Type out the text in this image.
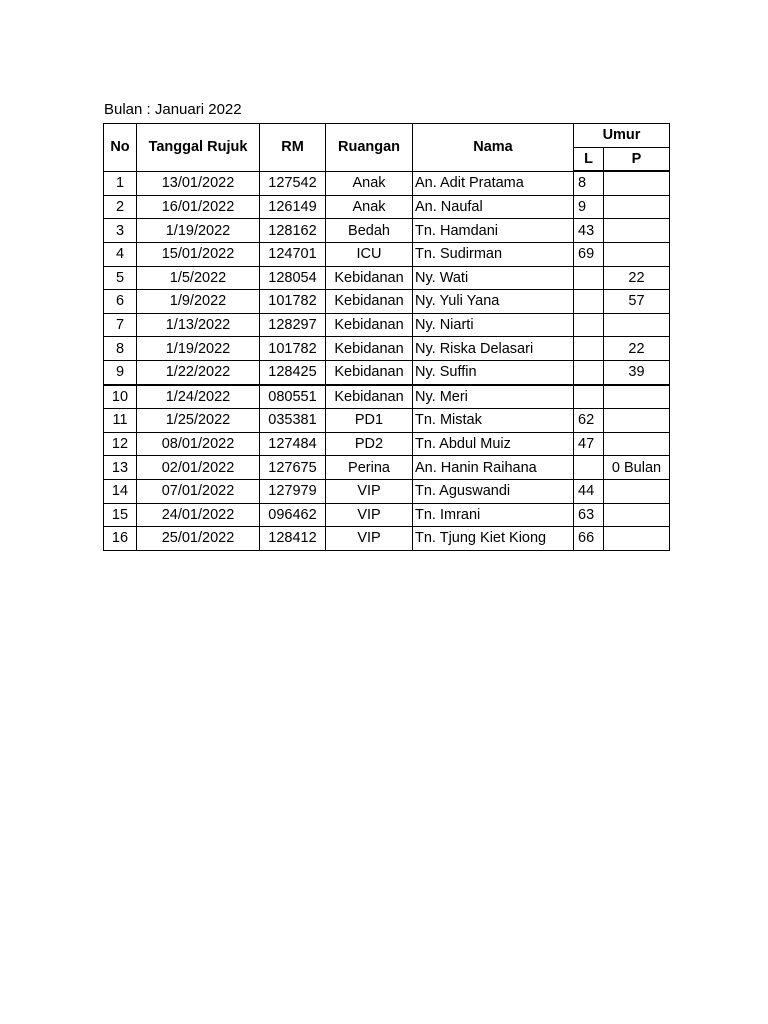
Bulan : Januari 2022
No	Tanggal Rujuk	RM	Ruangan	Nama	Umur	
					L	P
1	13/01/2022	127542	Anak	An. Adit Pratama	8	
2	16/01/2022	126149	Anak	An. Naufal	9	
3	1/19/2022	128162	Bedah	Tn. Hamdani	43	
4	15/01/2022	124701	ICU	Tn. Sudirman	69	
5	1/5/2022	128054	Kebidanan	Ny. Wati		22
6	1/9/2022	101782	Kebidanan	Ny. Yuli Yana		57
7	1/13/2022	128297	Kebidanan	Ny. Niarti		
8	1/19/2022	101782	Kebidanan	Ny. Riska Delasari		22
9	1/22/2022	128425	Kebidanan	Ny. Suffin		39
10	1/24/2022	080551	Kebidanan	Ny. Meri		
11	1/25/2022	035381	PD1	Tn. Mistak	62	
12	08/01/2022	127484	PD2	Tn. Abdul Muiz	47	
13	02/01/2022	127675	Perina	An. Hanin Raihana		0 Bulan
14	07/01/2022	127979	VIP	Tn. Aguswandi	44	
15	24/01/2022	096462	VIP	Tn. Imrani	63	
16	25/01/2022	128412	VIP	Tn. Tjung Kiet Kiong	66	
